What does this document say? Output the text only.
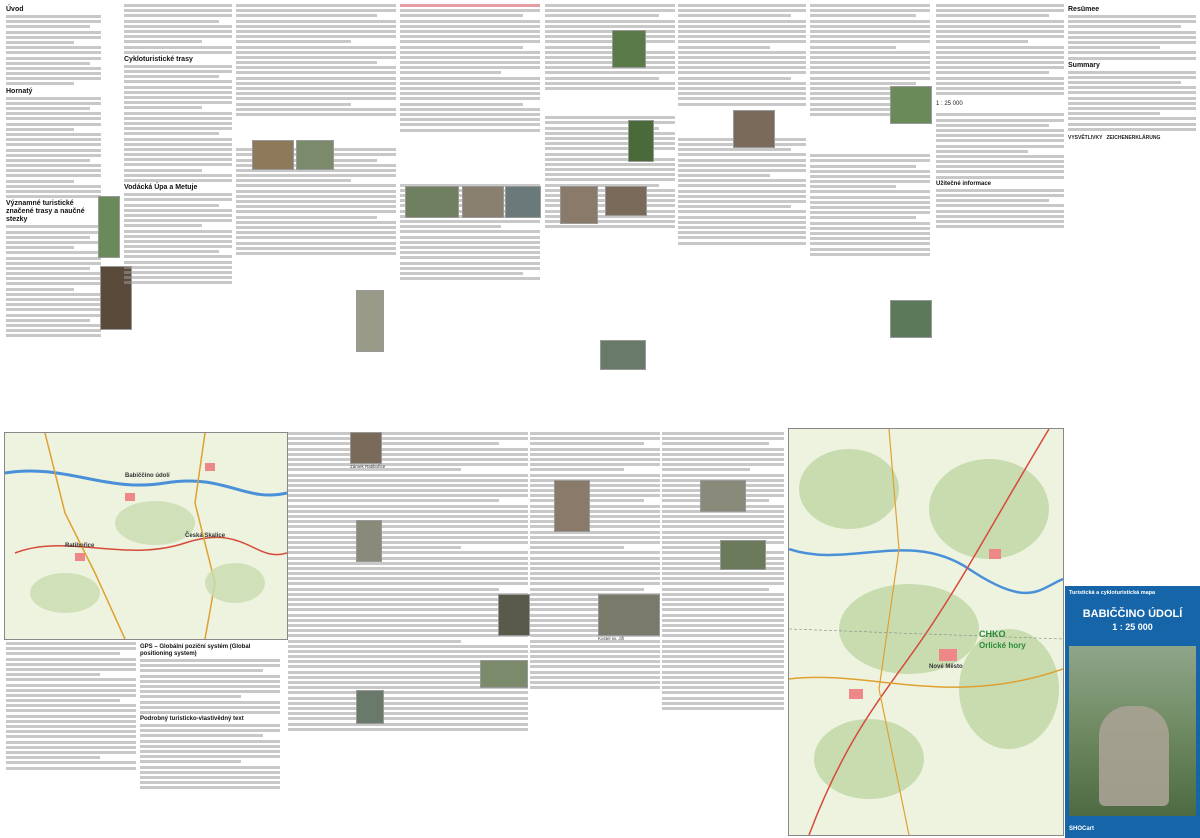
Úvod
Hornatý
Významné turistické značené trasy a naučné stezky
Cykloturistické trasy
Vodácká Úpa a Metuje
1 : 25 000
Užitečné informace
Resümee
Summary
VYSVĚTLIVKY ZEICHENERKLÄRUNG
Babiččino údolí
Česká Skalice
Ratibořice
GPS – Globální poziční systém (Global positioning system)
Podrobný turisticko-vlastivědný text
Zámek Ratibořice
Kostel sv. Jiří	CHKO
Orlické hory
Nové Město
Turistická a cykloturistická mapa
BABIČČINO ÚDOLÍ
1 : 25 000
SHOCart
